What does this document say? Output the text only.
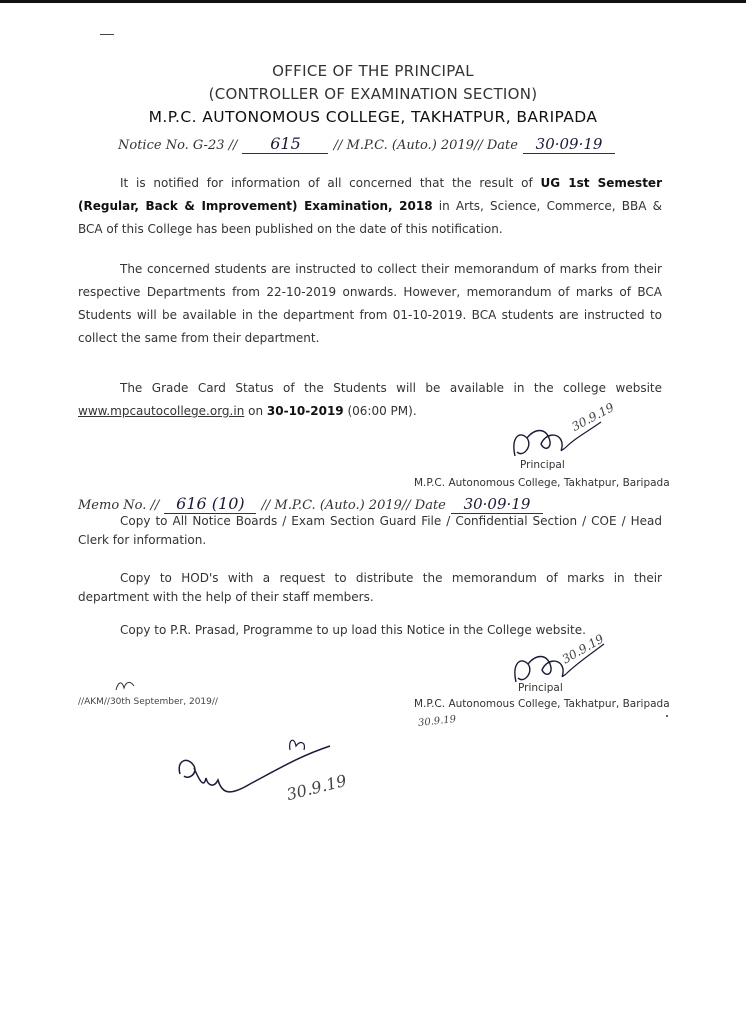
OFFICE OF THE PRINCIPAL
(CONTROLLER OF EXAMINATION SECTION)
M.P.C. AUTONOMOUS COLLEGE, TAKHATPUR, BARIPADA
Notice No. G-23 // 615	// M.P.C. (Auto.) 2019// Date 30·09·19
It is notified for information of all concerned that the result of UG 1st Semester (Regular, Back & Improvement) Examination, 2018 in Arts, Science, Commerce, BBA & BCA of this College has been published on the date of this notification.
The concerned students are instructed to collect their memorandum of marks from their respective Departments from 22-10-2019 onwards. However, memorandum of marks of BCA Students will be available in the department from 01-10-2019. BCA students are instructed to collect the same from their department.
The Grade Card Status of the Students will be available in the college website www.mpcautocollege.org.in on 30-10-2019 (06:00 PM).	30.9.19
Principal
M.P.C. Autonomous College, Takhatpur, Baripada
Memo No. // 616 (10) // M.P.C. (Auto.) 2019// Date 30·09·19
Copy to All Notice Boards / Exam Section Guard File / Confidential Section / COE / Head Clerk for information.
Copy to HOD's with a request to distribute the memorandum of marks in their department with the help of their staff members.
Copy to P.R. Prasad, Programme to up load this Notice in the College website.
30.9.19
Principal
M.P.C. Autonomous College, Takhatpur, Baripada
30.9.19
//AKM//30th September, 2019//
30.9.19
